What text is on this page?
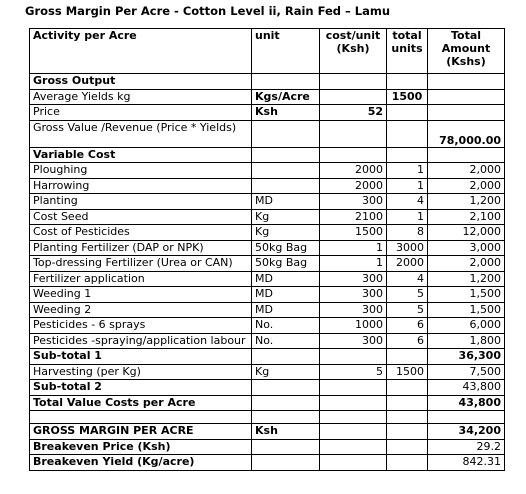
Gross Margin Per Acre - Cotton Level ii, Rain Fed – Lamu
Activity per Acre	unit	cost/unit (Ksh)	total units	Total Amount (Kshs)
Gross Output				
Average Yields kg	Kgs/Acre		1500	
Price	Ksh	52		
Gross Value /Revenue (Price * Yields)				78,000.00
Variable Cost				
Ploughing		2000	1	2,000
Harrowing		2000	1	2,000
Planting	MD	300	4	1,200
Cost Seed	Kg	2100	1	2,100
Cost of Pesticides	Kg	1500	8	12,000
Planting Fertilizer (DAP or NPK)	50kg Bag	1	3000	3,000
Top-dressing Fertilizer (Urea or CAN)	50kg Bag	1	2000	2,000
Fertilizer application	MD	300	4	1,200
Weeding 1	MD	300	5	1,500
Weeding 2	MD	300	5	1,500
Pesticides - 6 sprays	No.	1000	6	6,000
Pesticides -spraying/application labour	No.	300	6	1,800
Sub-total 1				36,300
Harvesting (per Kg)	Kg	5	1500	7,500
Sub-total 2				43,800
Total Value Costs per Acre				43,800

GROSS MARGIN PER ACRE	Ksh			34,200
Breakeven Price (Ksh)				29.2
Breakeven Yield (Kg/acre)				842.31
